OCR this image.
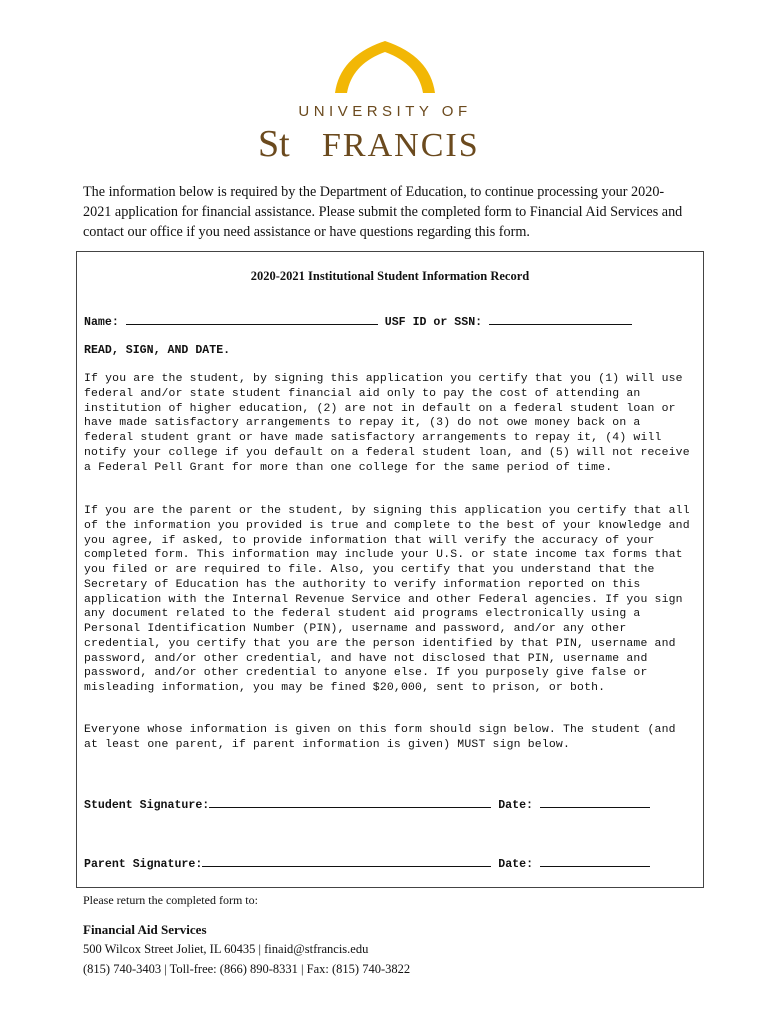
UNIVERSITY OF
St FRANCIS

The information below is required by the Department of Education, to continue processing your 2020-2021 application for financial assistance. Please submit the completed form to Financial Aid Services and contact our office if you need assistance or have questions regarding this form.

2020-2021 Institutional Student Information Record

Name:	USF ID or SSN:
READ, SIGN, AND DATE.

If you are the student, by signing this application you certify that you (1) will use federal and/or state student financial aid only to pay the cost of attending an institution of higher education, (2) are not in default on a federal student loan or have made satisfactory arrangements to repay it, (3) do not owe money back on a federal student grant or have made satisfactory arrangements to repay it, (4) will notify your college if you default on a federal student loan, and (5) will not receive a Federal Pell Grant for more than one college for the same period of time.

If you are the parent or the student, by signing this application you certify that all of the information you provided is true and complete to the best of your knowledge and you agree, if asked, to provide information that will verify the accuracy of your completed form. This information may include your U.S. or state income tax forms that you filed or are required to file. Also, you certify that you understand that the Secretary of Education has the authority to verify information reported on this application with the Internal Revenue Service and other Federal agencies. If you sign any document related to the federal student aid programs electronically using a Personal Identification Number (PIN), username and password, and/or any other credential, you certify that you are the person identified by that PIN, username and password, and/or other credential, and have not disclosed that PIN, username and password, and/or other credential to anyone else. If you purposely give false or misleading information, you may be fined $20,000, sent to prison, or both.

Everyone whose information is given on this form should sign below. The student (and at least one parent, if parent information is given) MUST sign below.

Student Signature:	Date:
Parent Signature:	Date:

Please return the completed form to:

Financial Aid Services

500 Wilcox Street Joliet, IL 60435 | finaid@stfrancis.edu

(815) 740-3403 | Toll-free: (866) 890-8331 | Fax: (815) 740-3822
